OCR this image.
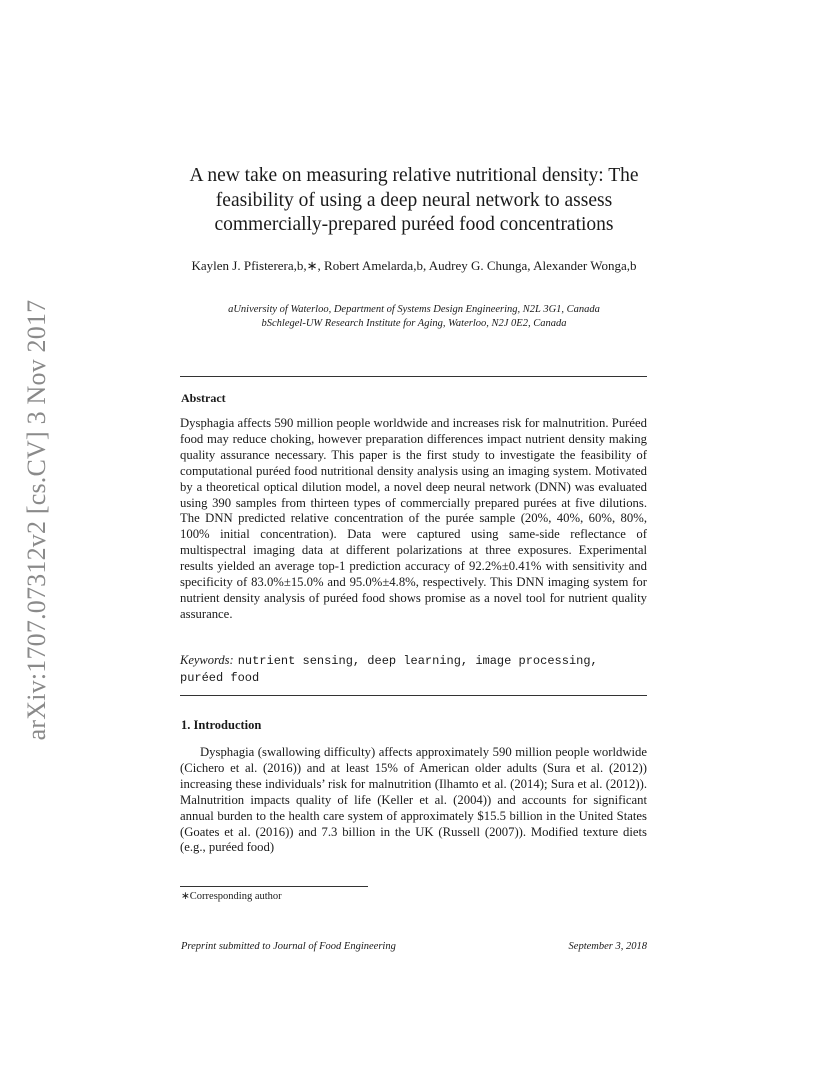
arXiv:1707.07312v2 [cs.CV] 3 Nov 2017
A new take on measuring relative nutritional density: The feasibility of using a deep neural network to assess commercially-prepared puréed food concentrations
Kaylen J. Pfisterera,b,∗, Robert Amelarda,b, Audrey G. Chunga, Alexander Wonga,b
aUniversity of Waterloo, Department of Systems Design Engineering, N2L 3G1, Canada
bSchlegel-UW Research Institute for Aging, Waterloo, N2J 0E2, Canada
Abstract

Dysphagia affects 590 million people worldwide and increases risk for malnutrition. Puréed food may reduce choking, however preparation differences impact nutrient density making quality assurance necessary. This paper is the first study to investigate the feasibility of computational puréed food nutritional density analysis using an imaging system. Motivated by a theoretical optical dilution model, a novel deep neural network (DNN) was evaluated using 390 samples from thirteen types of commercially prepared purées at five dilutions. The DNN predicted relative concentration of the purée sample (20%, 40%, 60%, 80%, 100% initial concentration). Data were captured using same-side reflectance of multispectral imaging data at different polarizations at three exposures. Experimental results yielded an average top-1 prediction accuracy of 92.2%±0.41% with sensitivity and specificity of 83.0%±15.0% and 95.0%±4.8%, respectively. This DNN imaging system for nutrient density analysis of puréed food shows promise as a novel tool for nutrient quality assurance.

Keywords: nutrient sensing, deep learning, image processing, puréed food
1. Introduction

Dysphagia (swallowing difficulty) affects approximately 590 million people worldwide (Cichero et al. (2016)) and at least 15% of American older adults (Sura et al. (2012)) increasing these individuals’ risk for malnutrition (Ilhamto et al. (2014); Sura et al. (2012)). Malnutrition impacts quality of life (Keller et al. (2004)) and accounts for significant annual burden to the health care system of approximately $15.5 billion in the United States (Goates et al. (2016)) and 7.3 billion in the UK (Russell (2007)). Modified texture diets (e.g., puréed food)

∗Corresponding author
Preprint submitted to Journal of Food Engineering	September 3, 2018
